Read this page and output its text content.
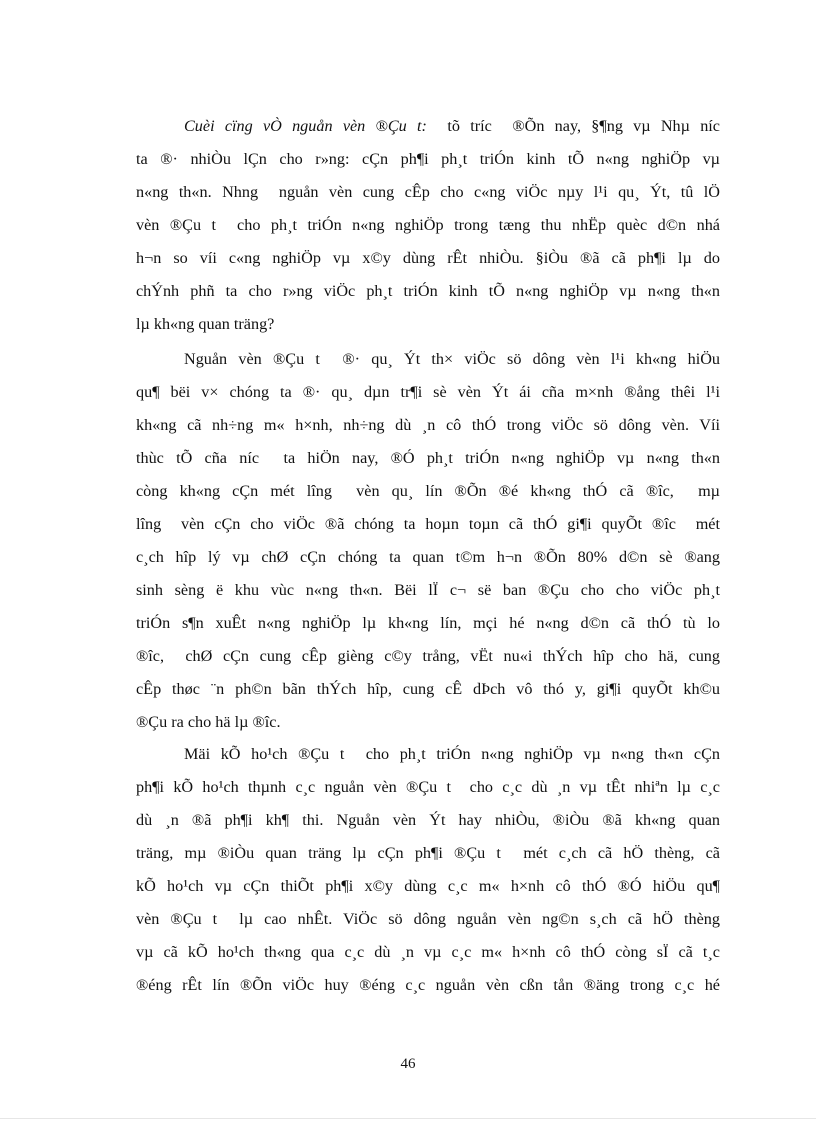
Cuèi cïng vÒ nguån vèn ®Çu t: tõ tríc  ®Õn nay, §¶ng vµ Nhµ níc
ta ®· nhiÒu lÇn cho r»ng: cÇn ph¶i ph¸t triÓn kinh tÕ n«ng nghiÖp vµ
n«ng th«n. Nhng  nguån vèn cung cÊp cho c«ng viÖc nµy l¹i qu¸ Ýt, tû lÖ
vèn ®Çu t  cho ph¸t triÓn n«ng nghiÖp trong tæng thu nhËp quèc d©n nhá
h¬n so víi c«ng nghiÖp vµ x©y dùng rÊt nhiÒu. §iÒu ®ã cã ph¶i lµ do
chÝnh phñ ta cho r»ng viÖc ph¸t triÓn kinh tÕ n«ng nghiÖp vµ n«ng th«n
lµ kh«ng quan träng?
Nguån vèn ®Çu t  ®· qu¸ Ýt th× viÖc sö dông vèn l¹i kh«ng hiÖu
qu¶ bëi v× chóng ta ®· qu¸ dµn tr¶i sè vèn Ýt ái cña m×nh ®ång thêi l¹i
kh«ng cã nh÷ng m« h×nh, nh÷ng dù ¸n cô thÓ trong viÖc sö dông vèn. Víi
thùc tÕ cña níc  ta hiÖn nay, ®Ó ph¸t triÓn n«ng nghiÖp vµ n«ng th«n
còng kh«ng cÇn mét lîng  vèn qu¸ lín ®Õn ®é kh«ng thÓ cã ®îc,  mµ
lîng  vèn cÇn cho viÖc ®ã chóng ta hoµn toµn cã thÓ gi¶i quyÕt ®îc  mét
c¸ch hîp lý vµ chØ cÇn chóng ta quan t©m h¬n ®Õn 80% d©n sè ®ang
sinh sèng ë khu vùc n«ng th«n. Bëi lÏ c¬ së ban ®Çu cho cho viÖc ph¸t
triÓn s¶n xuÊt n«ng nghiÖp lµ kh«ng lín, mçi hé n«ng d©n cã thÓ tù lo
®îc,  chØ cÇn cung cÊp gièng c©y trång, vËt nu«i thÝch hîp cho hä, cung
cÊp thøc ¨n ph©n bãn thÝch hîp, cung cÊ dÞch vô thó y, gi¶i quyÕt kh©u
®Çu ra cho hä lµ ®îc.
Mäi kÕ ho¹ch ®Çu t  cho ph¸t triÓn n«ng nghiÖp vµ n«ng th«n cÇn
ph¶i kÕ ho¹ch thµnh c¸c nguån vèn ®Çu t  cho c¸c dù ¸n vµ tÊt nhiªn lµ c¸c
dù ¸n ®ã ph¶i kh¶ thi. Nguån vèn Ýt hay nhiÒu, ®iÒu ®ã kh«ng quan
träng, mµ ®iÒu quan träng lµ cÇn ph¶i ®Çu t  mét c¸ch cã hÖ thèng, cã
kÕ ho¹ch vµ cÇn thiÕt ph¶i x©y dùng c¸c m« h×nh cô thÓ ®Ó hiÖu qu¶
vèn ®Çu t  lµ cao nhÊt. ViÖc sö dông nguån vèn ng©n s¸ch cã hÖ thèng
vµ cã kÕ ho¹ch th«ng qua c¸c dù ¸n vµ c¸c m« h×nh cô thÓ còng sÏ cã t¸c
®éng rÊt lín ®Õn viÖc huy ®éng c¸c nguån vèn cßn tån ®äng trong c¸c hé
46
